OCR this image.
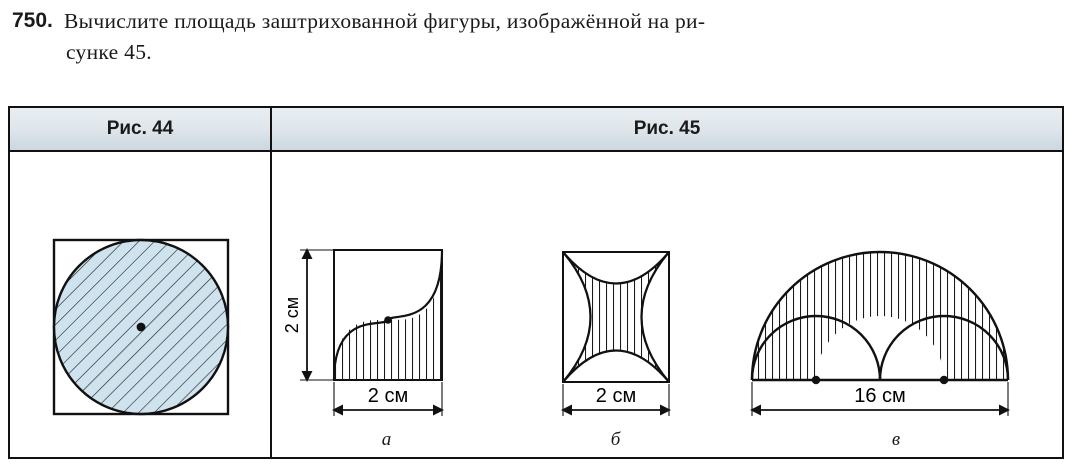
750. Вычислите площадь заштрихованной фигуры, изображённой на ри-
сунке 45.
Рис. 44	Рис. 45
2 см
2 см
а
2 см
б
16 см
в
